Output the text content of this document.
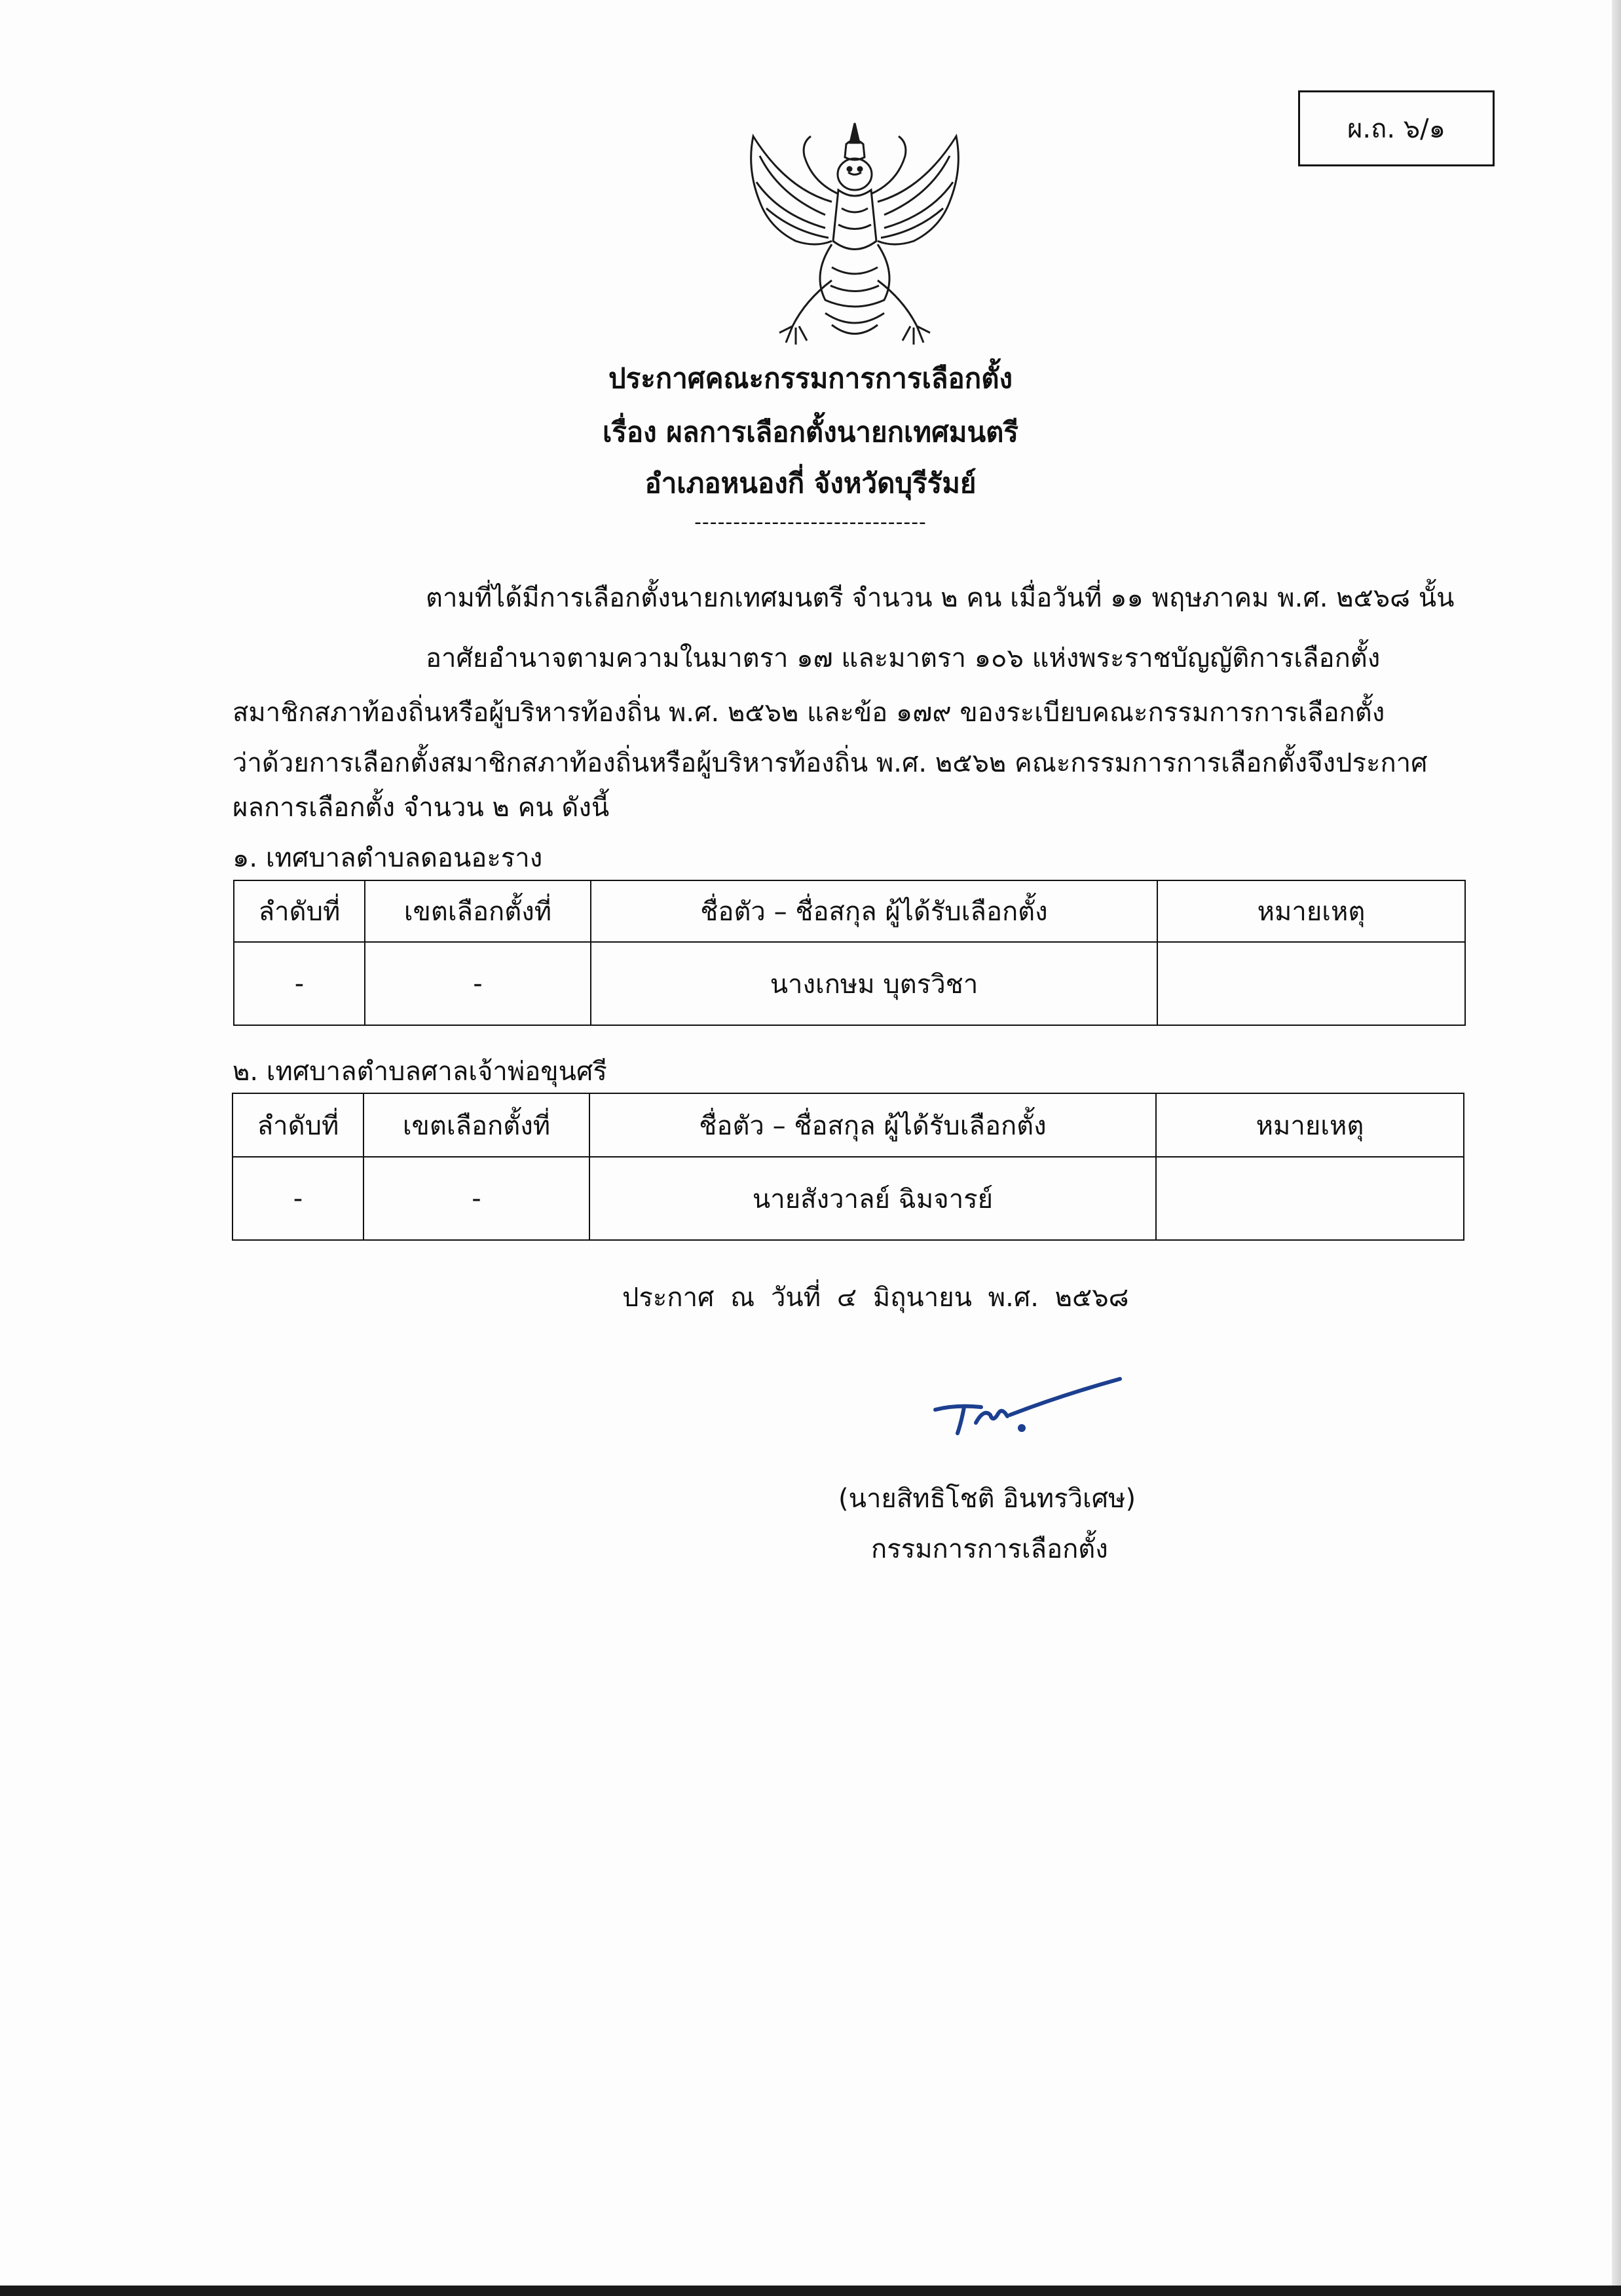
ผ.ถ. ๖/๑
ประกาศคณะกรรมการการเลือกตั้ง
เรื่อง ผลการเลือกตั้งนายกเทศมนตรี
อำเภอหนองกี่ จังหวัดบุรีรัมย์
------------------------------
ตามที่ได้มีการเลือกตั้งนายกเทศมนตรี จำนวน ๒ คน เมื่อวันที่ ๑๑ พฤษภาคม พ.ศ. ๒๕๖๘ นั้น
อาศัยอำนาจตามความในมาตรา ๑๗ และมาตรา ๑๐๖ แห่งพระราชบัญญัติการเลือกตั้ง
สมาชิกสภาท้องถิ่นหรือผู้บริหารท้องถิ่น พ.ศ. ๒๕๖๒ และข้อ ๑๗๙ ของระเบียบคณะกรรมการการเลือกตั้ง
ว่าด้วยการเลือกตั้งสมาชิกสภาท้องถิ่นหรือผู้บริหารท้องถิ่น พ.ศ. ๒๕๖๒ คณะกรรมการการเลือกตั้งจึงประกาศ
ผลการเลือกตั้ง จำนวน ๒ คน ดังนี้
๑. เทศบาลตำบลดอนอะราง
ลำดับที่	เขตเลือกตั้งที่	ชื่อตัว – ชื่อสกุล ผู้ได้รับเลือกตั้ง	หมายเหตุ
-	-	นางเกษม บุตรวิชา	
๒. เทศบาลตำบลศาลเจ้าพ่อขุนศรี
ลำดับที่	เขตเลือกตั้งที่	ชื่อตัว – ชื่อสกุล ผู้ได้รับเลือกตั้ง	หมายเหตุ
-	-	นายสังวาลย์ ฉิมจารย์	
ประกาศ ณ วันที่ ๔ มิถุนายน พ.ศ. ๒๕๖๘
(นายสิทธิโชติ อินทรวิเศษ)
กรรมการการเลือกตั้ง
